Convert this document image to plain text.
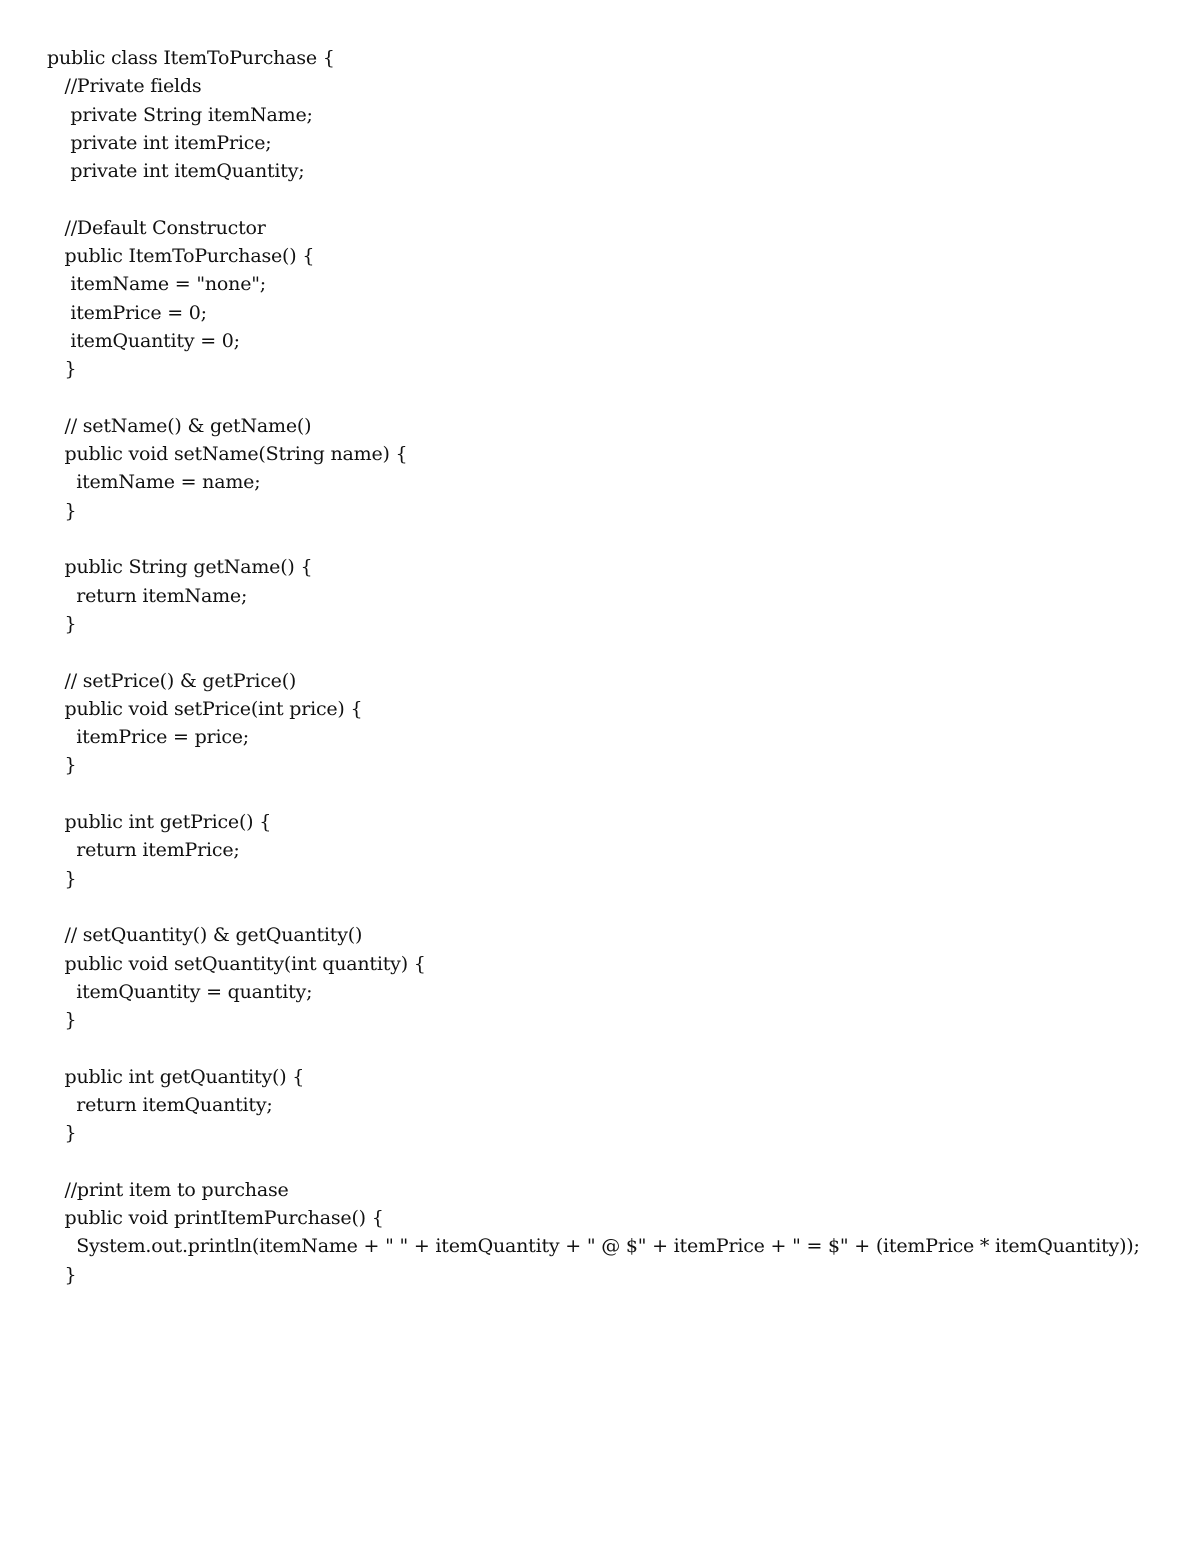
public class ItemToPurchase {
//Private fields
private String itemName;
private int itemPrice;
private int itemQuantity;
//Default Constructor
public ItemToPurchase() {
itemName = "none";
itemPrice = 0;
itemQuantity = 0;
}
// setName() & getName()
public void setName(String name) {
itemName = name;
}
public String getName() {
return itemName;
}
// setPrice() & getPrice()
public void setPrice(int price) {
itemPrice = price;
}
public int getPrice() {
return itemPrice;
}
// setQuantity() & getQuantity()
public void setQuantity(int quantity) {
itemQuantity = quantity;
}
public int getQuantity() {
return itemQuantity;
}
//print item to purchase
public void printItemPurchase() {
System.out.println(itemName + " " + itemQuantity + " @ $" + itemPrice + " = $" + (itemPrice * itemQuantity));
}
